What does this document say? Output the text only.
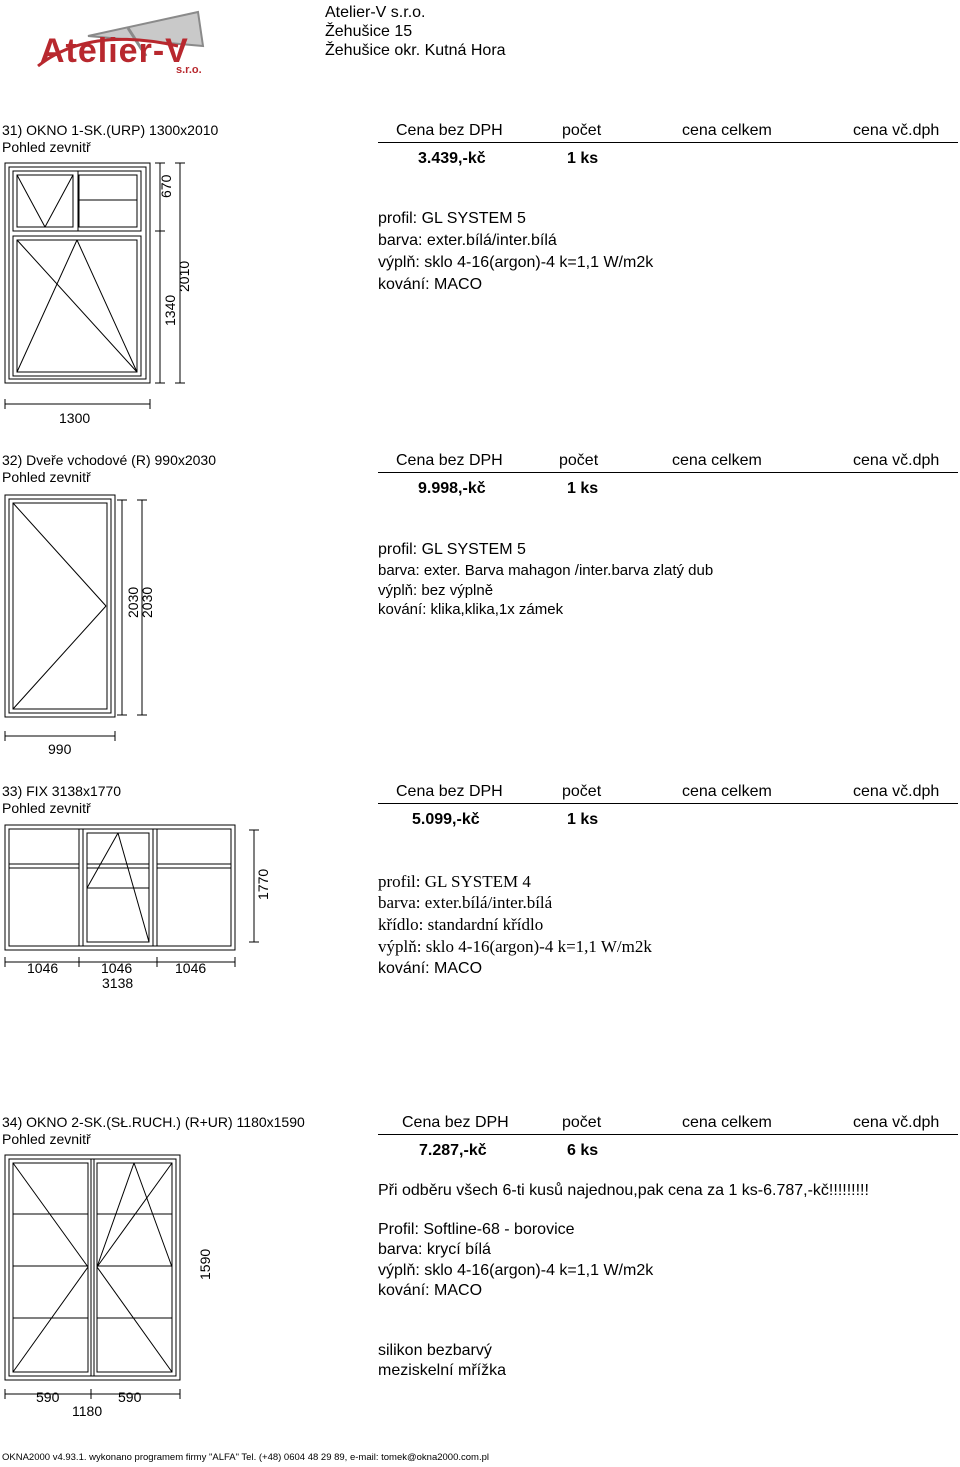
Atelier-V
s.r.o.
Atelier-V s.r.o.
Žehušice 15
Žehušice okr. Kutná Hora
31) OKNO 1-SK.(URP) 1300x2010
Pohled zevnitř
Cena bez DPH	počet	cena celkem	cena vč.dph
3.439,-kč	1 ks
profil: GL SYSTEM 5
barva: exter.bílá/inter.bílá
výplň: sklo 4-16(argon)-4 k=1,1 W/m2k
kování: MACO
670
1340
2010
1300
32) Dveře vchodové (R) 990x2030
Pohled zevnitř
Cena bez DPH	počet	cena celkem	cena vč.dph
9.998,-kč	1 ks
profil: GL SYSTEM 5
barva: exter. Barva mahagon /inter.barva zlatý dub
výplň: bez výplně
kování: klika,klika,1x zámek
2030
2030
990
33) FIX 3138x1770
Pohled zevnitř
Cena bez DPH	počet	cena celkem	cena vč.dph
5.099,-kč	1 ks
profil: GL SYSTEM 4
barva: exter.bílá/inter.bílá
křídlo: standardní křídlo
výplň: sklo 4-16(argon)-4 k=1,1 W/m2k
kování: MACO
1770
1046	1046	1046
3138
34) OKNO 2-SK.(SŁ.RUCH.) (R+UR) 1180x1590
Pohled zevnitř
Cena bez DPH	počet	cena celkem	cena vč.dph
7.287,-kč	6 ks
Při odběru všech 6-ti kusů najednou,pak cena za 1 ks-6.787,-kč!!!!!!!!!
Profil: Softline-68 - borovice
barva: krycí bílá
výplň: sklo 4-16(argon)-4 k=1,1 W/m2k
kování: MACO
silikon bezbarvý
meziskelní mřížka
1590
590	590
1180
OKNA2000 v4.93.1. wykonano programem firmy "ALFA" Tel. (+48) 0604 48 29 89, e-mail: tomek@okna2000.com.pl
